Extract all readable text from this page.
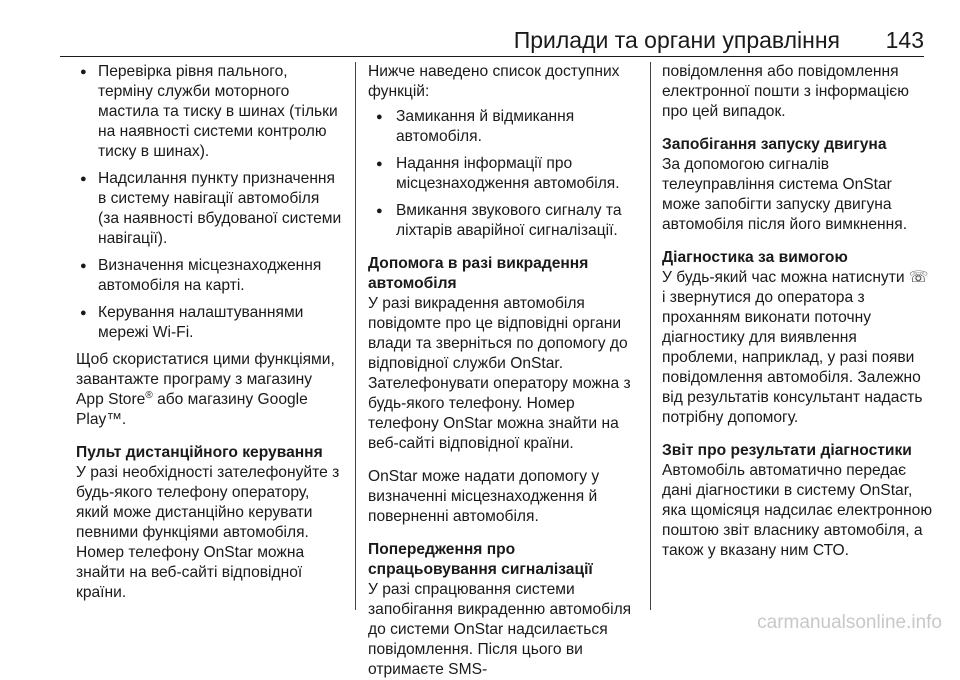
Прилади та органи управління 143
● Перевірка рівня пального, терміну служби моторного мастила та тиску в шинах (тільки на наявності системи контролю тиску в шинах).
● Надсилання пункту призначення в систему навігації автомобіля (за наявності вбудованої системи навігації).
● Визначення місцезнаходження автомобіля на карті.
● Керування налаштуваннями мережі Wi-Fi.

Щоб скористатися цими функціями, завантажте програму з магазину App Store® або магазину Google Play™.

Пульт дистанційного керування

У разі необхідності зателефонуйте з будь-якого телефону оператору, який може дистанційно керувати певними функціями автомобіля. Номер телефону OnStar можна знайти на веб-сайті відповідної країни.

Нижче наведено список доступних функцій:
● Замикання й відмикання автомобіля.
● Надання інформації про місцезнаходження автомобіля.
● Вмикання звукового сигналу та ліхтарів аварійної сигналізації.
Допомога в разі викрадення автомобіля

У разі викрадення автомобіля повідомте про це відповідні органи влади та зверніться по допомогу до відповідної служби OnStar. Зателефонувати оператору можна з будь-якого телефону. Номер телефону OnStar можна знайти на веб-сайті відповідної країни.

OnStar може надати допомогу у визначенні місцезнаходження й поверненні автомобіля.

Попередження про спрацьовування сигналізації

У разі спрацювання системи запобігання викраденню автомобіля до системи OnStar надсилається повідомлення. Після цього ви отримаєте SMS-

повідомлення або повідомлення електронної пошти з інформацією про цей випадок.

Запобігання запуску двигуна

За допомогою сигналів телеуправління система OnStar може запобігти запуску двигуна автомобіля після його вимкнення.

Діагностика за вимогою

У будь-який час можна натиснути ☏ і звернутися до оператора з проханням виконати поточну діагностику для виявлення проблеми, наприклад, у разі появи повідомлення автомобіля. Залежно від результатів консультант надасть потрібну допомогу.

Звіт про результати діагностики

Автомобіль автоматично передає дані діагностики в систему OnStar, яка щомісяця надсилає електронною поштою звіт власнику автомобіля, а також у вказану ним СТО.

carmanualsonline.info
